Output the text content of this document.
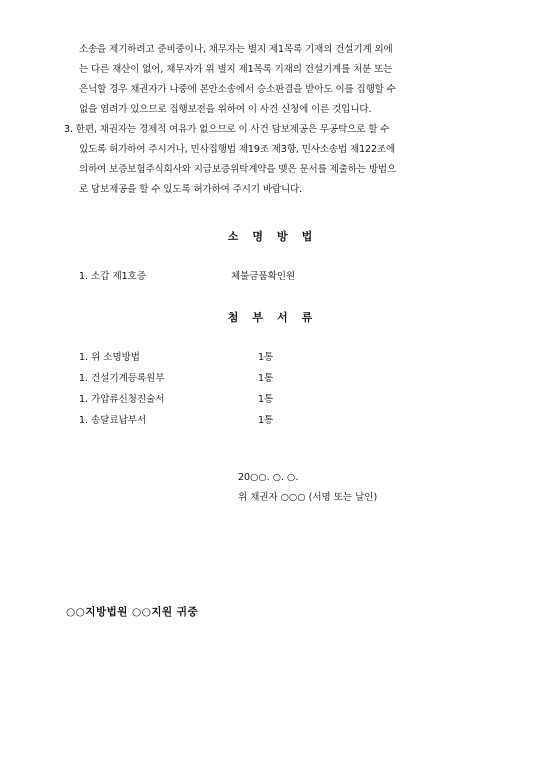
소송을 제기하려고 준비중이나, 채무자는 별지 제1목록 기재의 건설기계 외에
는 다른 재산이 없어, 채무자가 위 별지 제1목록 기재의 건설기계를 처분 또는
은닉할 경우 채권자가 나중에 본안소송에서 승소판결을 받아도 이를 집행할 수
없을 염려가 있으므로 집행보전을 위하여 이 사건 신청에 이른 것입니다.
3. 한편, 채권자는 경제적 여유가 없으므로 이 사건 담보제공은 무공탁으로 할 수
있도록 허가하여 주시거나, 민사집행법 제19조 제3항, 민사소송법 제122조에
의하여 보증보험주식회사와 지급보증위탁계약을 맺은 문서를 제출하는 방법으
로 담보제공을 할 수 있도록 허가하여 주시기 바랍니다.
소명방법
1. 소갑 제1호증	체불금품확인원
첨부서류
1. 위 소명방법	1통
1. 건설기계등록원부	1통
1. 가압류신청진술서	1통
1. 송달료납부서	1통
20○○. ○. ○.
위 채권자 ○○○ (서명 또는 날인)
○○지방법원 ○○지원 귀중
